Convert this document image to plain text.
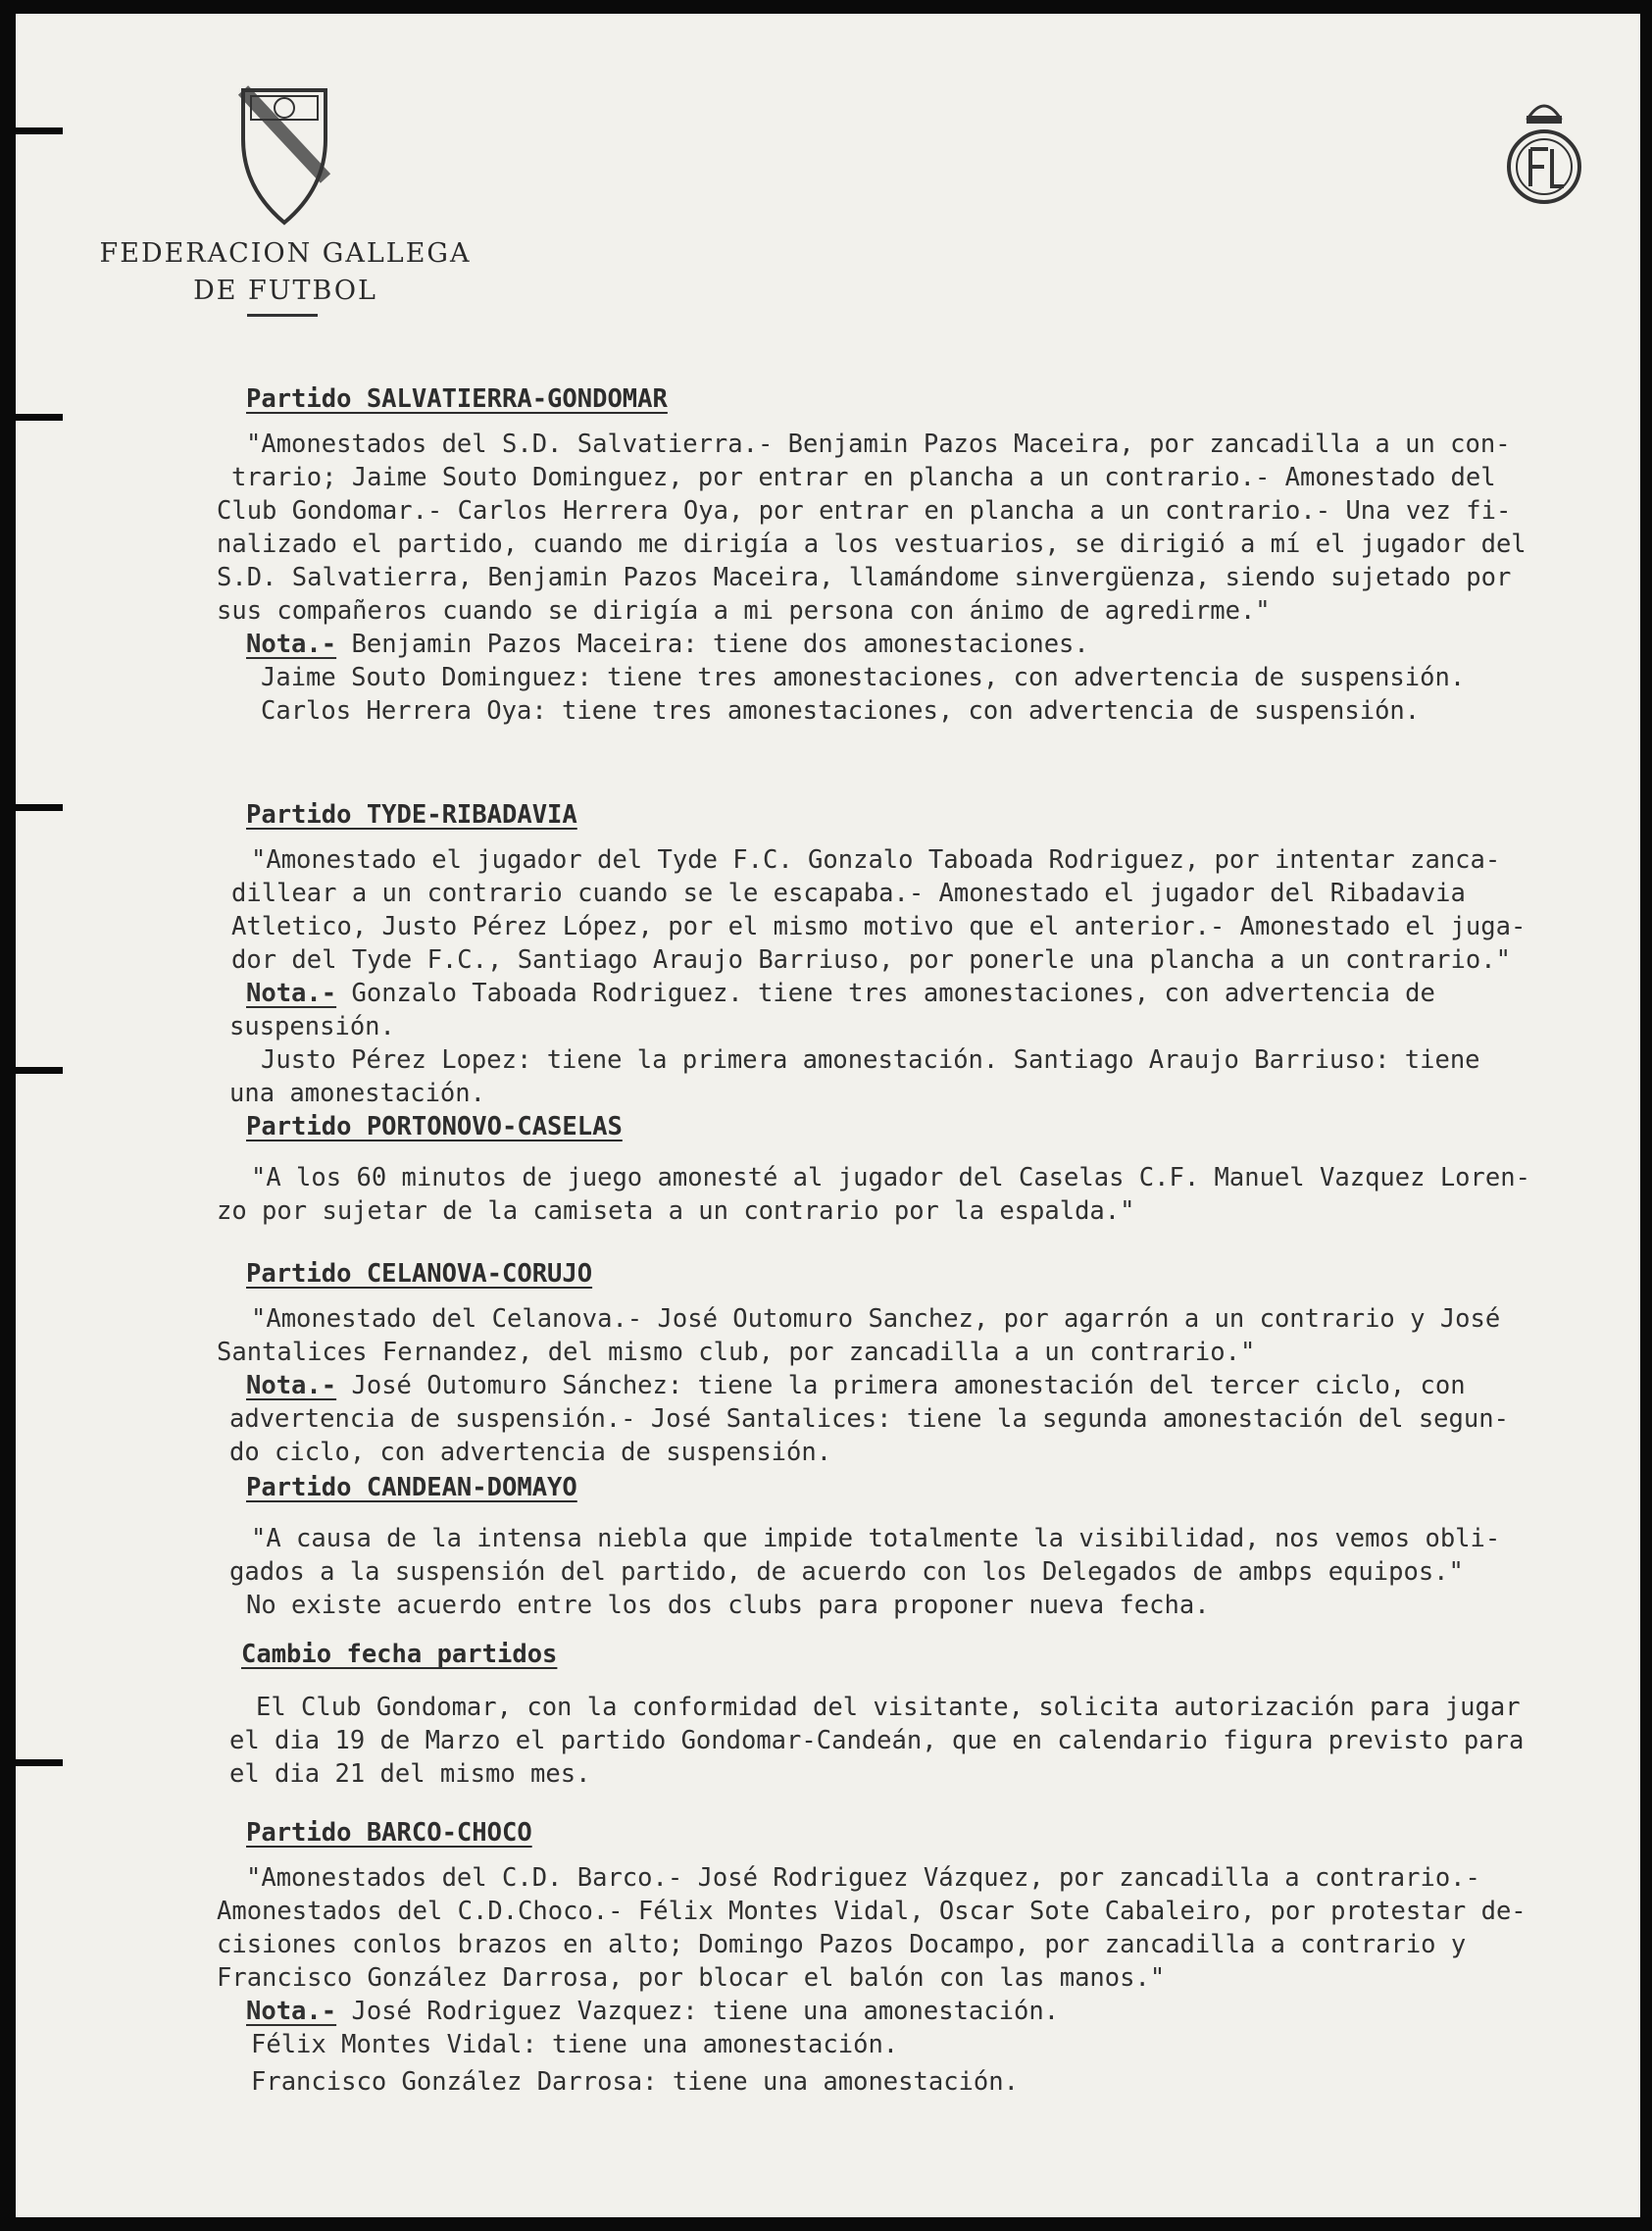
FEDERACION GALLEGA
DE FUTBOL
Partido SALVATIERRA-GONDOMAR
"Amonestados del S.D. Salvatierra.- Benjamin Pazos Maceira, por zancadilla a un con-
trario; Jaime Souto Dominguez, por entrar en plancha a un contrario.- Amonestado del
Club Gondomar.- Carlos Herrera Oya, por entrar en plancha a un contrario.- Una vez fi-
nalizado el partido, cuando me dirigía a los vestuarios, se dirigió a mí el jugador del
S.D. Salvatierra, Benjamin Pazos Maceira, llamándome sinvergüenza, siendo sujetado por
sus compañeros cuando se dirigía a mi persona con ánimo de agredirme."
Nota.- Benjamin Pazos Maceira: tiene dos amonestaciones.
Jaime Souto Dominguez: tiene tres amonestaciones, con advertencia de suspensión.
Carlos Herrera Oya: tiene tres amonestaciones, con advertencia de suspensión.
Partido TYDE-RIBADAVIA
"Amonestado el jugador del Tyde F.C. Gonzalo Taboada Rodriguez, por intentar zanca-
dillear a un contrario cuando se le escapaba.- Amonestado el jugador del Ribadavia
Atletico, Justo Pérez López, por el mismo motivo que el anterior.- Amonestado el juga-
dor del Tyde F.C., Santiago Araujo Barriuso, por ponerle una plancha a un contrario."
Nota.- Gonzalo Taboada Rodriguez. tiene tres amonestaciones, con advertencia de
suspensión.
Justo Pérez Lopez: tiene la primera amonestación. Santiago Araujo Barriuso: tiene
una amonestación.
Partido PORTONOVO-CASELAS
"A los 60 minutos de juego amonesté al jugador del Caselas C.F. Manuel Vazquez Loren-
zo por sujetar de la camiseta a un contrario por la espalda."
Partido CELANOVA-CORUJO
"Amonestado del Celanova.- José Outomuro Sanchez, por agarrón a un contrario y José
Santalices Fernandez, del mismo club, por zancadilla a un contrario."
Nota.- José Outomuro Sánchez: tiene la primera amonestación del tercer ciclo, con
advertencia de suspensión.- José Santalices: tiene la segunda amonestación del segun-
do ciclo, con advertencia de suspensión.
Partido CANDEAN-DOMAYO
"A causa de la intensa niebla que impide totalmente la visibilidad, nos vemos obli-
gados a la suspensión del partido, de acuerdo con los Delegados de ambps equipos."
No existe acuerdo entre los dos clubs para proponer nueva fecha.
Cambio fecha partidos
El Club Gondomar, con la conformidad del visitante, solicita autorización para jugar
el dia 19 de Marzo el partido Gondomar-Candeán, que en calendario figura previsto para
el dia 21 del mismo mes.
Partido BARCO-CHOCO
"Amonestados del C.D. Barco.- José Rodriguez Vázquez, por zancadilla a contrario.-
Amonestados del C.D.Choco.- Félix Montes Vidal, Oscar Sote Cabaleiro, por protestar de-
cisiones conlos brazos en alto; Domingo Pazos Docampo, por zancadilla a contrario y
Francisco González Darrosa, por blocar el balón con las manos."
Nota.- José Rodriguez Vazquez: tiene una amonestación.
Félix Montes Vidal: tiene una amonestación.
Francisco González Darrosa: tiene una amonestación.
